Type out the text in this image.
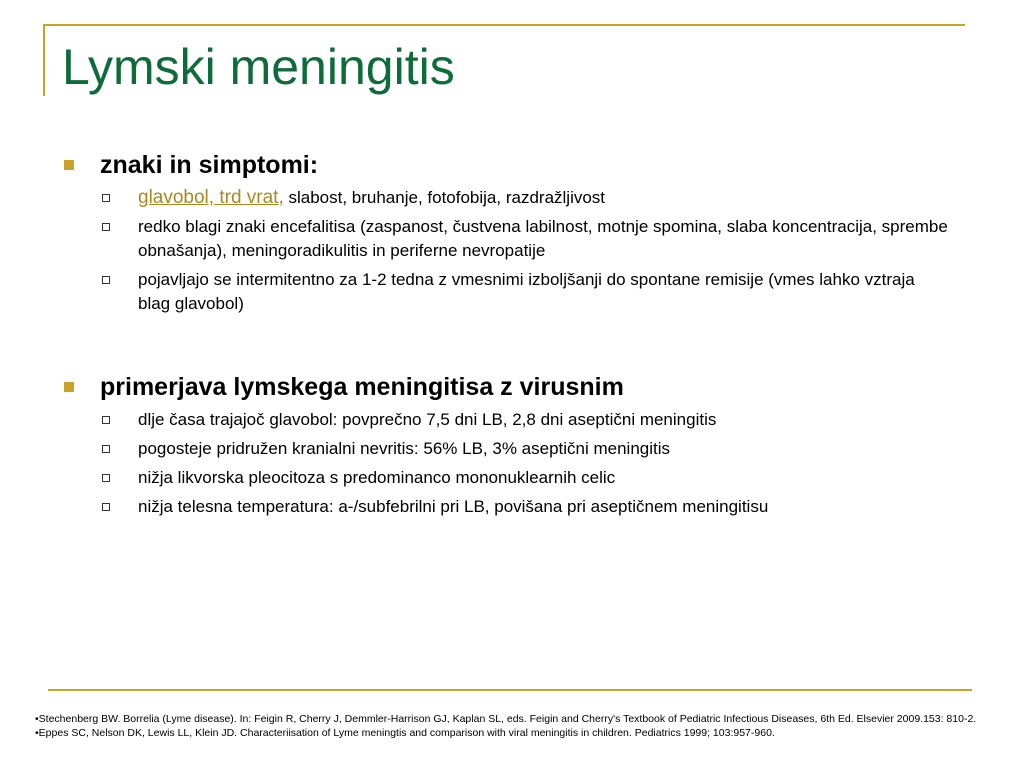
Lymski meningitis
znaki in simptomi:
glavobol, trd vrat, slabost, bruhanje, fotofobija, razdražljivost
redko blagi znaki encefalitisa (zaspanost, čustvena labilnost, motnje spomina, slaba koncentracija, sprembe obnašanja), meningoradikulitis in periferne nevropatije
pojavljajo se intermitentno za 1-2 tedna z vmesnimi izboljšanji do spontane remisije (vmes lahko vztraja blag glavobol)
primerjava lymskega meningitisa z virusnim
dlje časa trajajoč glavobol: povprečno 7,5 dni LB, 2,8 dni aseptični meningitis
pogosteje pridružen kranialni nevritis: 56% LB, 3% aseptični meningitis
nižja likvorska pleocitoza s predominanco mononuklearnih celic
nižja telesna temperatura: a-/subfebrilni pri LB, povišana pri aseptičnem meningitisu

•Stechenberg BW. Borrelia (Lyme disease). In: Feigin R, Cherry J, Demmler-Harrison GJ, Kaplan SL, eds. Feigin and Cherry's Textbook of Pediatric Infectious Diseases, 6th Ed. Elsevier 2009.153: 810-2.

•Eppes SC, Nelson DK, Lewis LL, Klein JD. Characteriisation of Lyme meningtis and comparison with viral meningitis in children. Pediatrics 1999; 103:957-960.
